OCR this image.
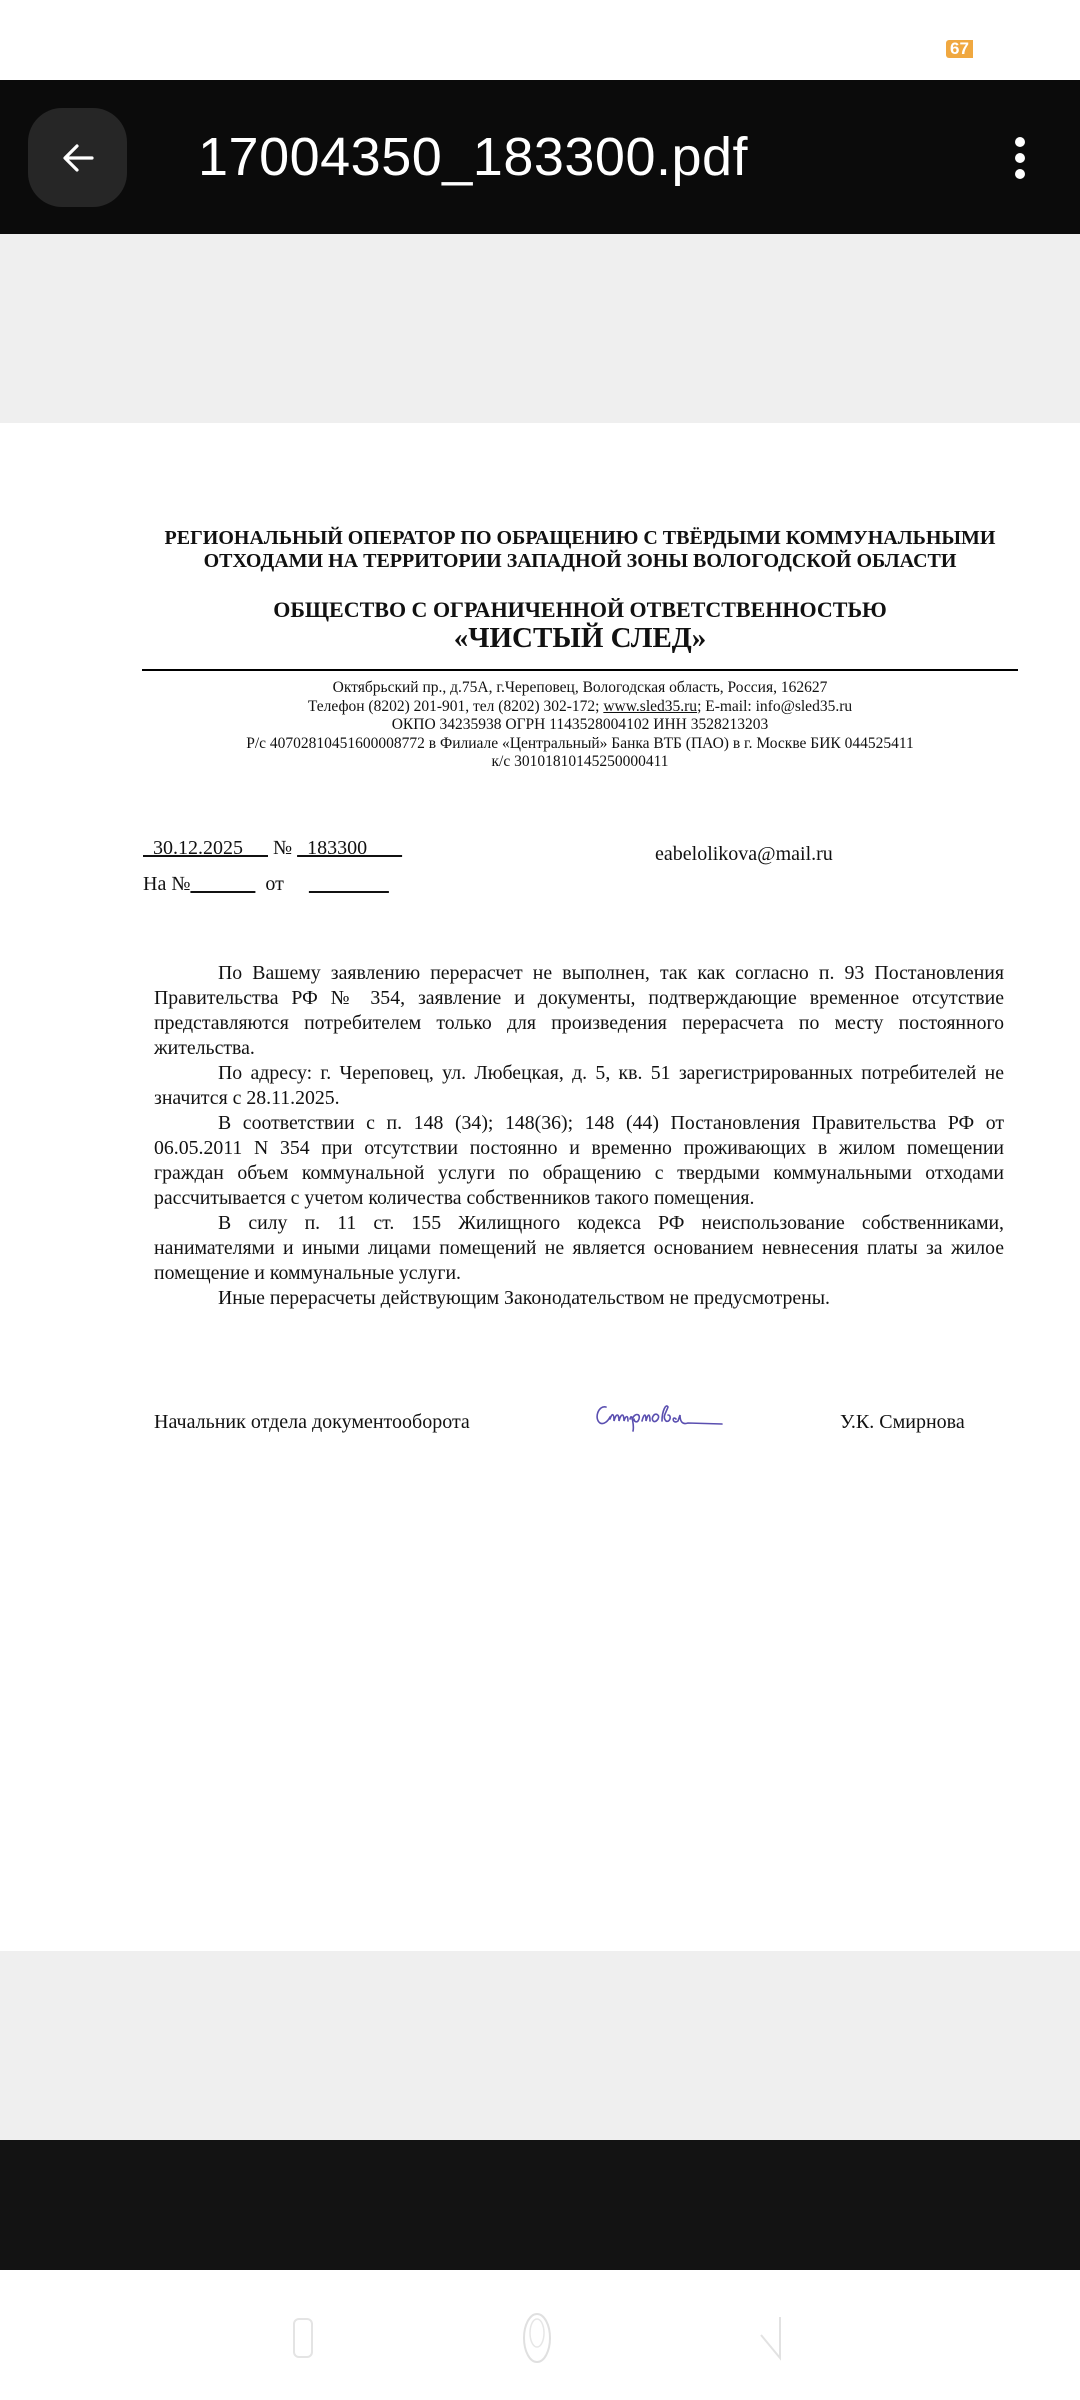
67
17004350_183300.pdf
РЕГИОНАЛЬНЫЙ ОПЕРАТОР ПО ОБРАЩЕНИЮ С ТВЁРДЫМИ КОММУНАЛЬНЫМИ
ОТХОДАМИ НА ТЕРРИТОРИИ ЗАПАДНОЙ ЗОНЫ ВОЛОГОДСКОЙ ОБЛАСТИ
ОБЩЕСТВО С ОГРАНИЧЕННОЙ ОТВЕТСТВЕННОСТЬЮ
«ЧИСТЫЙ СЛЕД»
Октябрьский пр., д.75А, г.Череповец, Вологодская область, Россия, 162627
Телефон (8202) 201-901, тел (8202) 302-172; www.sled35.ru; E-mail: info@sled35.ru
ОКПО 34235938 ОГРН 1143528004102 ИНН 3528213203
Р/с 40702810451600008772 в Филиале «Центральный» Банка ВТБ (ПАО) в г. Москве БИК 044525411
к/с 30101810145250000411
30.12.2025      №   183300
На №	от
eabelolikova@mail.ru

По Вашему заявлению перерасчет не выполнен, так как согласно п. 93 Постановления Правительства РФ № 354, заявление и документы, подтверждающие временное отсутствие представляются потребителем только для произведения перерасчета по месту постоянного жительства.

По адресу: г. Череповец, ул. Любецкая, д. 5, кв. 51 зарегистрированных потребителей не значится с 28.11.2025.

В соответствии с п. 148 (34); 148(36); 148 (44) Постановления Правительства РФ от 06.05.2011 N 354 при отсутствии постоянно и временно проживающих в жилом помещении граждан объем коммунальной услуги по обращению с твердыми коммунальными отходами рассчитывается с учетом количества собственников такого помещения.

В силу п. 11 ст. 155 Жилищного кодекса РФ неиспользование собственниками, нанимателями и иными лицами помещений не является основанием невнесения платы за жилое помещение и коммунальные услуги.

Иные перерасчеты действующим Законодательством не предусмотрены.

Начальник отдела документооборота	У.К. Смирнова
